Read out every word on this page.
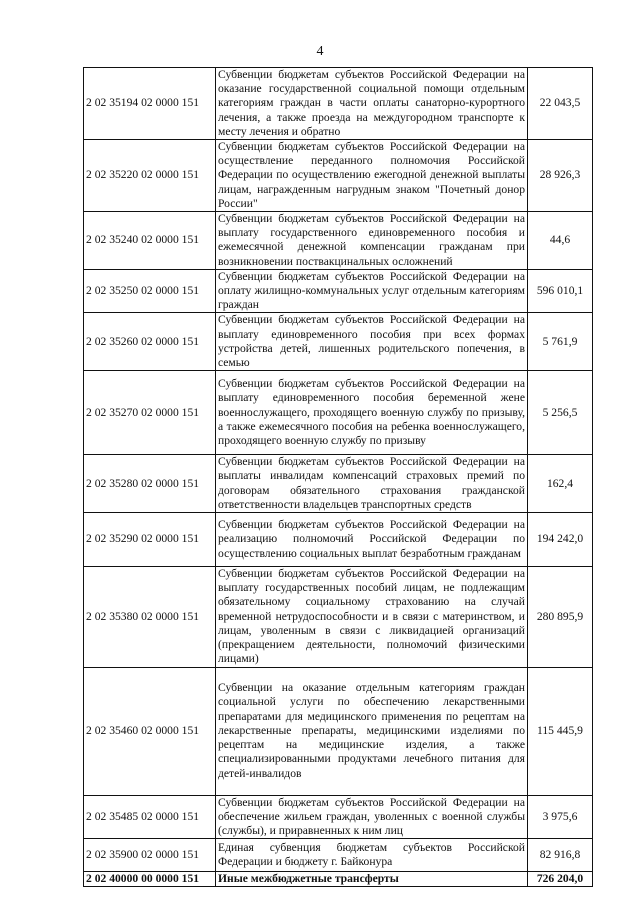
4
2 02 35194 02 0000 151	Субвенции бюджетам субъектов Российской Федерации на оказание государственной социальной помощи отдельным категориям граждан в части оплаты санаторно-курортного лечения, а также проезда на междугородном транспорте к месту лечения и обратно	22 043,5
2 02 35220 02 0000 151	Субвенции бюджетам субъектов Российской Федерации на осуществление переданного полномочия Российской Федерации по осуществлению ежегодной денежной выплаты лицам, награжденным нагрудным знаком "Почетный донор России"	28 926,3
2 02 35240 02 0000 151	Субвенции бюджетам субъектов Российской Федерации на выплату государственного единовременного пособия и ежемесячной денежной компенсации гражданам при возникновении поствакцинальных осложнений	44,6
2 02 35250 02 0000 151	Субвенции бюджетам субъектов Российской Федерации на оплату жилищно-коммунальных услуг отдельным категориям граждан	596 010,1
2 02 35260 02 0000 151	Субвенции бюджетам субъектов Российской Федерации на выплату единовременного пособия при всех формах устройства детей, лишенных родительского попечения, в семью	5 761,9
2 02 35270 02 0000 151	Субвенции бюджетам субъектов Российской Федерации на выплату единовременного пособия беременной жене военнослужащего, проходящего военную службу по призыву, а также ежемесячного пособия на ребенка военнослужащего, проходящего военную службу по призыву	5 256,5
2 02 35280 02 0000 151	Субвенции бюджетам субъектов Российской Федерации на выплаты инвалидам компенсаций страховых премий по договорам обязательного страхования гражданской ответственности владельцев транспортных средств	162,4
2 02 35290 02 0000 151	Субвенции бюджетам субъектов Российской Федерации на реализацию полномочий Российской Федерации по осуществлению социальных выплат безработным гражданам	194 242,0
2 02 35380 02 0000 151	Субвенции бюджетам субъектов Российской Федерации на выплату государственных пособий лицам, не подлежащим обязательному социальному страхованию на случай временной нетрудоспособности и в связи с материнством, и лицам, уволенным в связи с ликвидацией организаций (прекращением деятельности, полномочий физическими лицами)	280 895,9
2 02 35460 02 0000 151	Субвенции на оказание отдельным категориям граждан социальной услуги по обеспечению лекарственными препаратами для медицинского применения по рецептам на лекарственные препараты, медицинскими изделиями по рецептам на медицинские изделия, а также специализированными продуктами лечебного питания для детей-инвалидов	115 445,9
2 02 35485 02 0000 151	Субвенции бюджетам субъектов Российской Федерации на обеспечение жильем граждан, уволенных с военной службы (службы), и приравненных к ним лиц	3 975,6
2 02 35900 02 0000 151	Единая субвенция бюджетам субъектов Российской Федерации и бюджету г. Байконура	82 916,8
2 02 40000 00 0000 151	Иные межбюджетные трансферты	726 204,0
